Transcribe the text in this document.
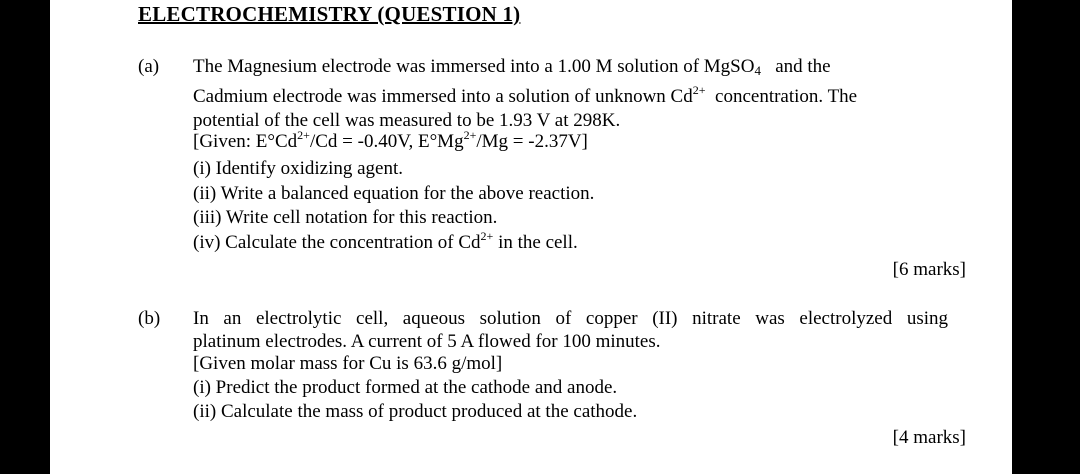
ELECTROCHEMISTRY (QUESTION 1)
(a) The Magnesium electrode was immersed into a 1.00 M solution of MgSO$_4$ and the
Cadmium electrode was immersed into a solution of unknown $Cd^{2+}$ concentration. The
potential of the cell was measured to be 1.93 V at 298K.
[Given: $E^\circ Cd^{2+}/Cd = -0.40V$, $E^\circ Mg^{2+}/Mg = -2.37V$]
(i) Identify oxidizing agent.
(ii) Write a balanced equation for the above reaction.
(iii) Write cell notation for this reaction.
(iv) Calculate the concentration of $Cd^{2+}$ in the cell.
[6 marks]
(b) In an electrolytic cell, aqueous solution of copper (II) nitrate was electrolyzed using
platinum electrodes. A current of 5 A flowed for 100 minutes.
[Given molar mass for Cu is 63.6 g/mol]
(i) Predict the product formed at the cathode and anode.
(ii) Calculate the mass of product produced at the cathode.
[4 marks]
